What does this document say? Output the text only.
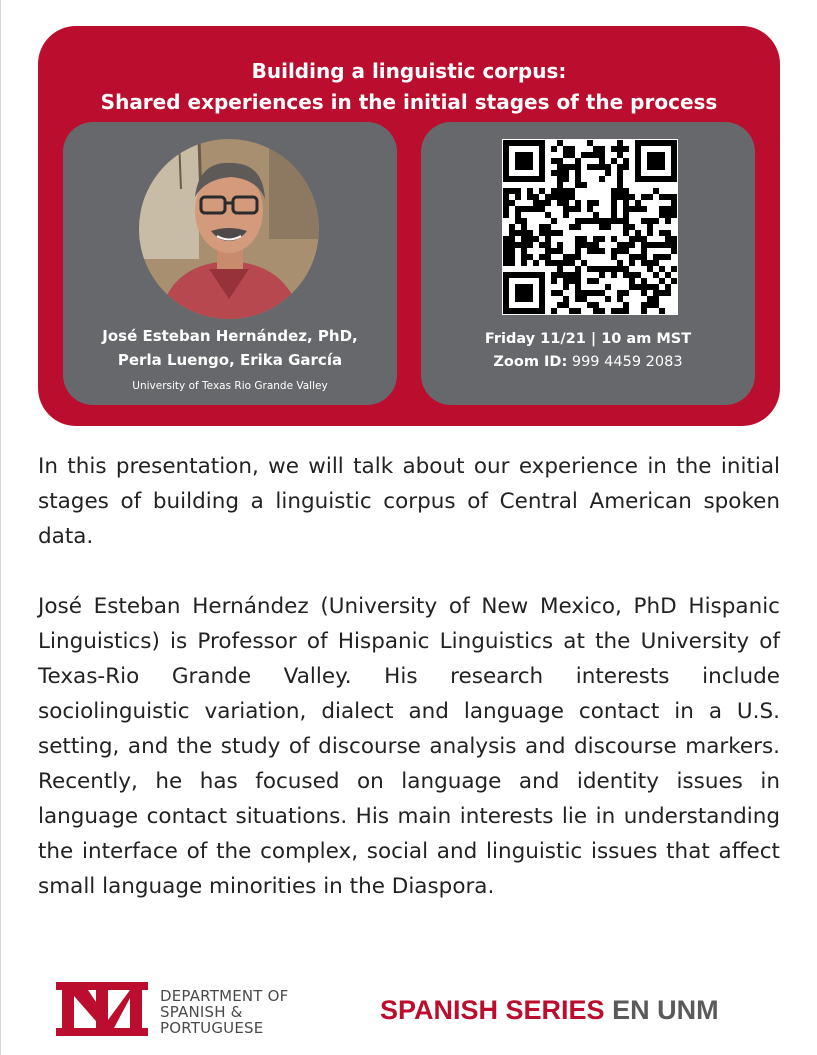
Building a linguistic corpus:
Shared experiences in the initial stages of the process
José Esteban Hernández, PhD,
Perla Luengo, Erika García
University of Texas Rio Grande Valley
Friday 11/21 | 10 am MST
Zoom ID: 999 4459 2083

In this presentation, we will talk about our experience in the initial stages of building a linguistic corpus of Central American spoken data.

José Esteban Hernández (University of New Mexico, PhD Hispanic Linguistics) is Professor of Hispanic Linguistics at the University of Texas-Rio Grande Valley. His research interests include sociolinguistic variation, dialect and language contact in a U.S. setting, and the study of discourse analysis and discourse markers. Recently, he has focused on language and identity issues in language contact situations. His main interests lie in understanding the interface of the complex, social and linguistic issues that affect small language minorities in the Diaspora.

UNM
DEPARTMENT OF
SPANISH &
PORTUGUESE
SPANISH SERIES EN UNM
